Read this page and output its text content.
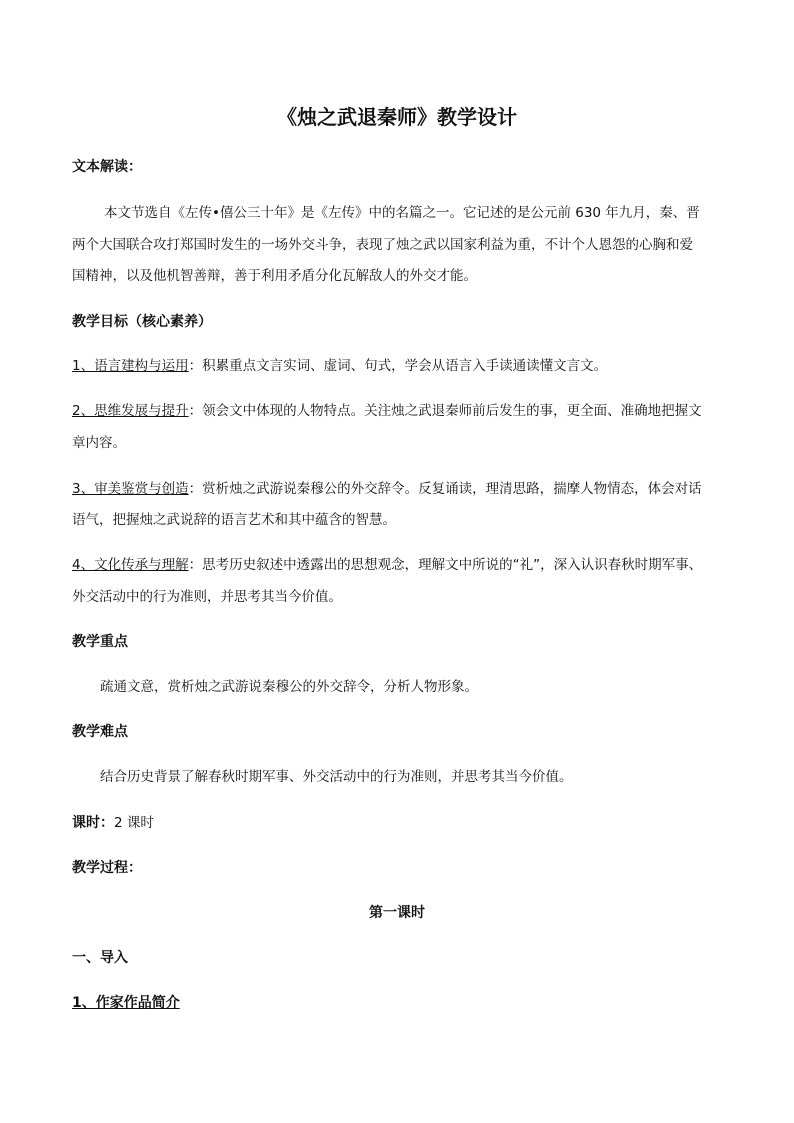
《烛之武退秦师》教学设计
文本解读：
本文节选自《左传•僖公三十年》是《左传》中的名篇之一。它记述的是公元前 630 年九月，秦、晋
两个大国联合攻打郑国时发生的一场外交斗争，表现了烛之武以国家利益为重，不计个人恩怨的心胸和爱
国精神，以及他机智善辩，善于利用矛盾分化瓦解敌人的外交才能。
教学目标（核心素养）
1、语言建构与运用：积累重点文言实词、虚词、句式，学会从语言入手读通读懂文言文。
2、思维发展与提升：领会文中体现的人物特点。关注烛之武退秦师前后发生的事，更全面、准确地把握文
章内容。
3、审美鉴赏与创造：赏析烛之武游说秦穆公的外交辞令。反复诵读，理清思路，揣摩人物情态，体会对话
语气，把握烛之武说辞的语言艺术和其中蕴含的智慧。
4、文化传承与理解：思考历史叙述中透露出的思想观念，理解文中所说的“礼”，深入认识春秋时期军事、
外交活动中的行为准则，并思考其当今价值。
教学重点
疏通文意，赏析烛之武游说秦穆公的外交辞令，分析人物形象。
教学难点
结合历史背景了解春秋时期军事、外交活动中的行为准则，并思考其当今价值。
课时：2 课时
教学过程：
第一课时
一、导入
1、作家作品简介
